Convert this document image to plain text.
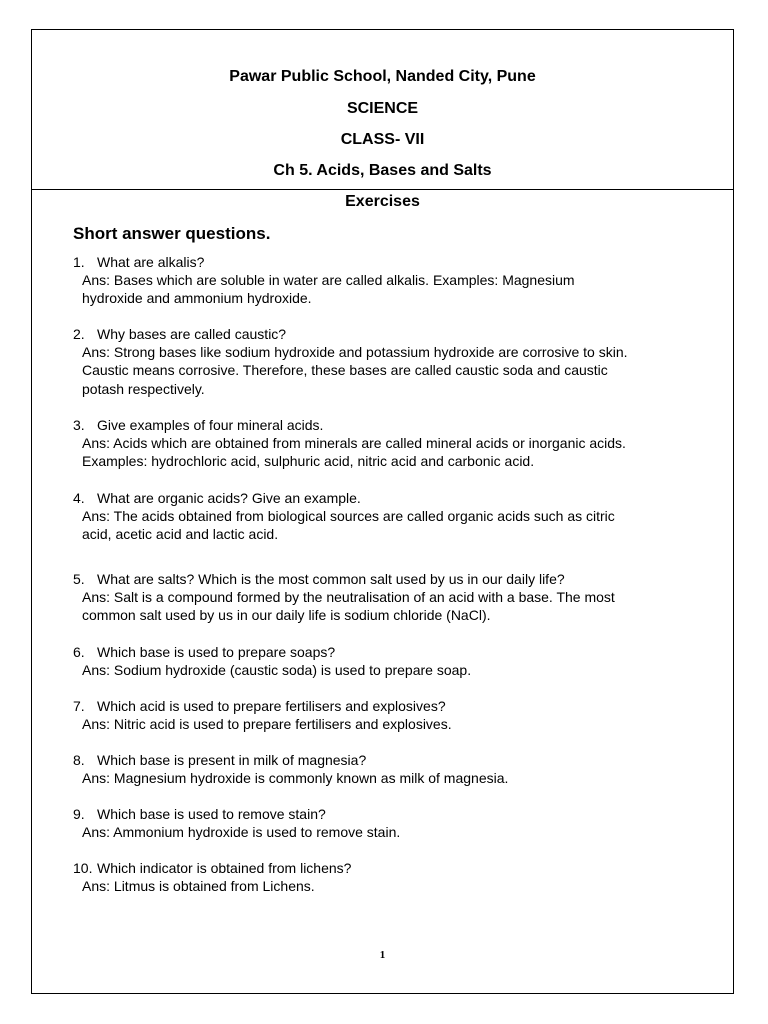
Pawar Public School, Nanded City, Pune
SCIENCE
CLASS- VII
Ch 5. Acids, Bases and Salts
Exercises
Short answer questions.
1. What are alkalis?
Ans: Bases which are soluble in water are called alkalis. Examples: Magnesium
hydroxide and ammonium hydroxide.
2. Why bases are called caustic?
Ans: Strong bases like sodium hydroxide and potassium hydroxide are corrosive to skin.
Caustic means corrosive. Therefore, these bases are called caustic soda and caustic
potash respectively.
3. Give examples of four mineral acids.
Ans: Acids which are obtained from minerals are called mineral acids or inorganic acids.
Examples: hydrochloric acid, sulphuric acid, nitric acid and carbonic acid.
4. What are organic acids? Give an example.
Ans: The acids obtained from biological sources are called organic acids such as citric
acid, acetic acid and lactic acid.
5. What are salts? Which is the most common salt used by us in our daily life?
Ans: Salt is a compound formed by the neutralisation of an acid with a base. The most
common salt used by us in our daily life is sodium chloride (NaCl).
6. Which base is used to prepare soaps?
Ans: Sodium hydroxide (caustic soda) is used to prepare soap.
7. Which acid is used to prepare fertilisers and explosives?
Ans: Nitric acid is used to prepare fertilisers and explosives.
8. Which base is present in milk of magnesia?
Ans: Magnesium hydroxide is commonly known as milk of magnesia.
9. Which base is used to remove stain?
Ans: Ammonium hydroxide is used to remove stain.
10. Which indicator is obtained from lichens?
Ans: Litmus is obtained from Lichens.
1
